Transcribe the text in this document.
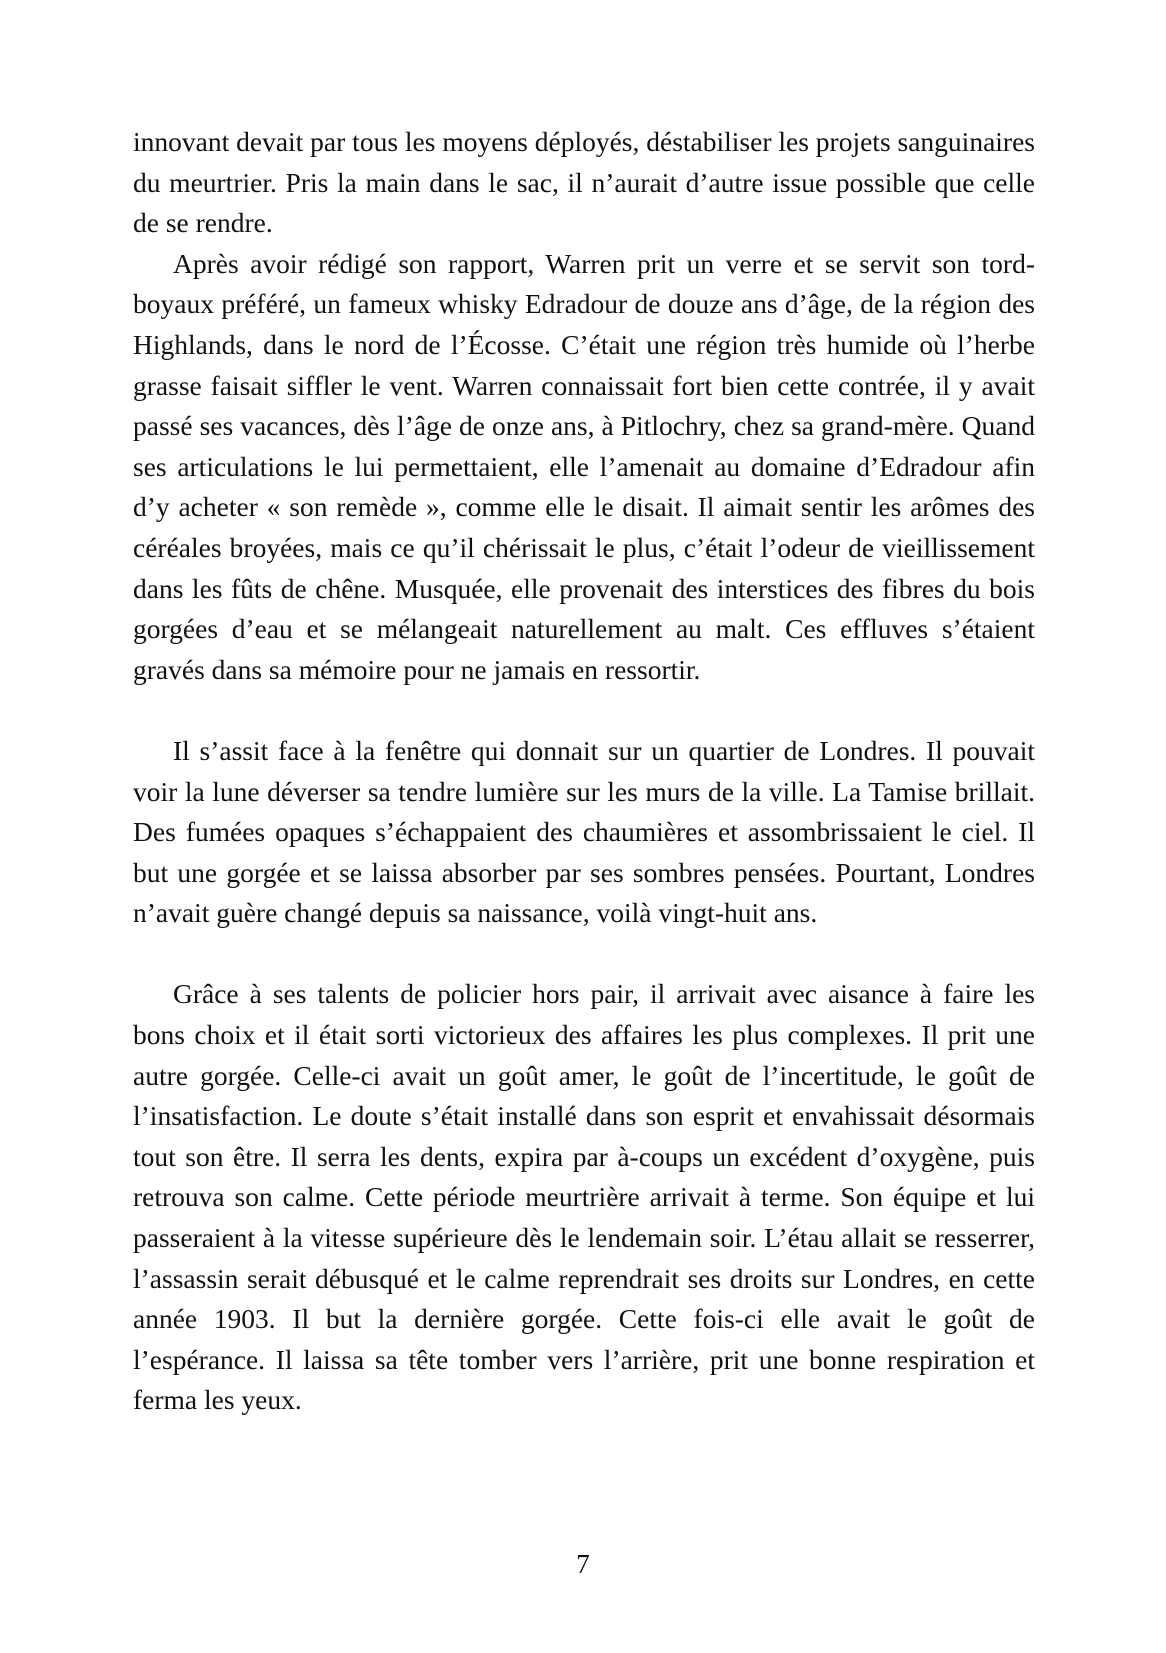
innovant devait par tous les moyens déployés, déstabiliser les projets sanguinaires du meurtrier. Pris la main dans le sac, il n’aurait d’autre issue possible que celle de se rendre.

Après avoir rédigé son rapport, Warren prit un verre et se servit son tord-boyaux préféré, un fameux whisky Edradour de douze ans d’âge, de la région des Highlands, dans le nord de l’Écosse. C’était une région très humide où l’herbe grasse faisait siffler le vent. Warren connaissait fort bien cette contrée, il y avait passé ses vacances, dès l’âge de onze ans, à Pitlochry, chez sa grand-mère. Quand ses articulations le lui permettaient, elle l’amenait au domaine d’Edradour afin d’y acheter « son remède », comme elle le disait. Il aimait sentir les arômes des céréales broyées, mais ce qu’il chérissait le plus, c’était l’odeur de vieillissement dans les fûts de chêne. Musquée, elle provenait des interstices des fibres du bois gorgées d’eau et se mélangeait naturellement au malt. Ces effluves s’étaient gravés dans sa mémoire pour ne jamais en ressortir.

Il s’assit face à la fenêtre qui donnait sur un quartier de Londres. Il pouvait voir la lune déverser sa tendre lumière sur les murs de la ville. La Tamise brillait. Des fumées opaques s’échappaient des chaumières et assombrissaient le ciel. Il but une gorgée et se laissa absorber par ses sombres pensées. Pourtant, Londres n’avait guère changé depuis sa naissance, voilà vingt-huit ans.

Grâce à ses talents de policier hors pair, il arrivait avec aisance à faire les bons choix et il était sorti victorieux des affaires les plus complexes. Il prit une autre gorgée. Celle-ci avait un goût amer, le goût de l’incertitude, le goût de l’insatisfaction. Le doute s’était installé dans son esprit et envahissait désormais tout son être. Il serra les dents, expira par à-coups un excédent d’oxygène, puis retrouva son calme. Cette période meurtrière arrivait à terme. Son équipe et lui passeraient à la vitesse supérieure dès le lendemain soir. L’étau allait se resserrer, l’assassin serait débusqué et le calme reprendrait ses droits sur Londres, en cette année 1903. Il but la dernière gorgée. Cette fois-ci elle avait le goût de l’espérance. Il laissa sa tête tomber vers l’arrière, prit une bonne respiration et ferma les yeux.

7
